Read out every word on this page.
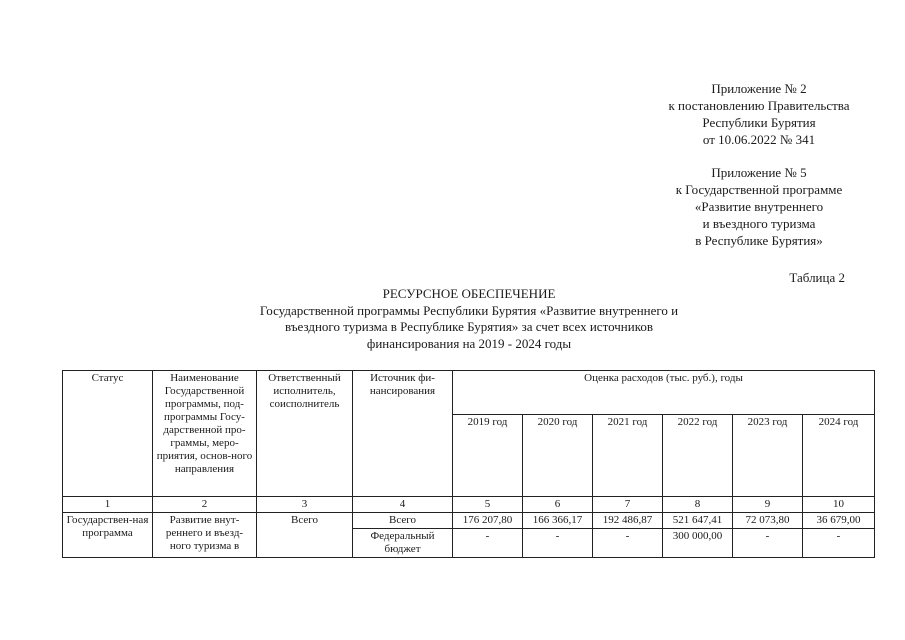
Приложение № 2
к постановлению Правительства
Республики Бурятия
от 10.06.2022 № 341
Приложение № 5
к Государственной программе
«Развитие внутреннего
и въездного туризма
в Республике Бурятия»
Таблица 2
РЕСУРСНОЕ ОБЕСПЕЧЕНИЕ
Государственной программы Республики Бурятия «Развитие внутреннего и
въездного туризма в Республике Бурятия» за счет всех источников
финансирования на 2019 - 2024 годы
Статус	Наименование Государственной программы, под-программы Госу-дарственной про-граммы, меро-приятия, основ-ного направления	Ответственный исполнитель, соисполнитель	Источник фи-нансирования	Оценка расходов (тыс. руб.), годы					
				2019 год	2020 год	2021 год	2022 год	2023 год	2024 год
1	2	3	4	5	6	7	8	9	10
Государствен-ная программа	Развитие внут-реннего и въезд-ного туризма в	Всего	Всего	176 207,80	166 366,17	192 486,87	521 647,41	72 073,80	36 679,00
			Федеральный бюджет	-	-	-	300 000,00	-	-
